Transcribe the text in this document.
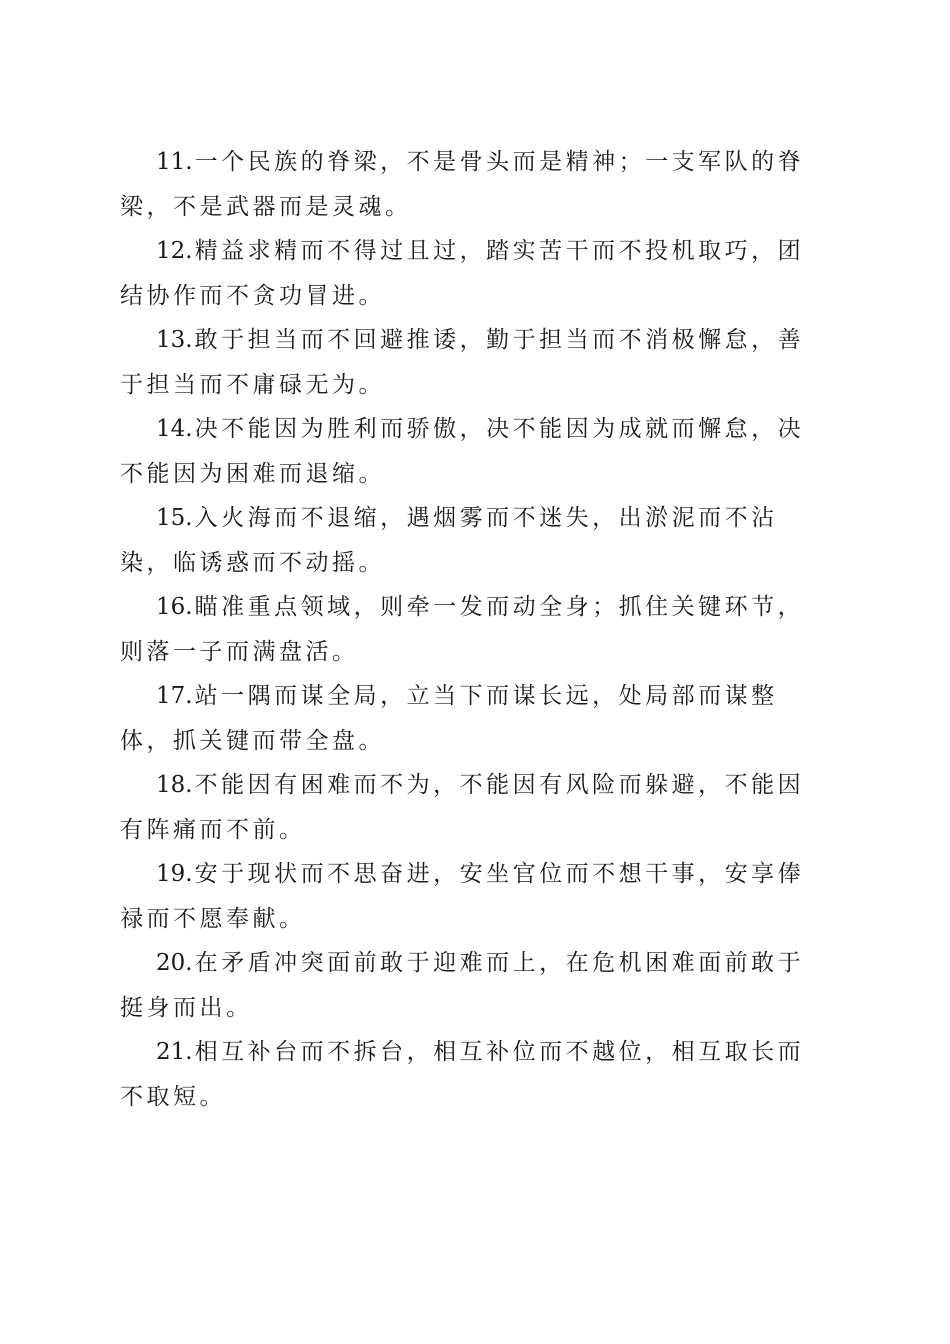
11.一个民族的脊梁，不是骨头而是精神；一支军队的脊梁，不是武器而是灵魂。

12.精益求精而不得过且过，踏实苦干而不投机取巧，团结协作而不贪功冒进。

13.敢于担当而不回避推诿，勤于担当而不消极懈怠，善于担当而不庸碌无为。

14.决不能因为胜利而骄傲，决不能因为成就而懈怠，决不能因为困难而退缩。

15.入火海而不退缩，遇烟雾而不迷失，出淤泥而不沾染，临诱惑而不动摇。

16.瞄准重点领域，则牵一发而动全身；抓住关键环节，则落一子而满盘活。

17.站一隅而谋全局，立当下而谋长远，处局部而谋整体，抓关键而带全盘。

18.不能因有困难而不为，不能因有风险而躲避，不能因有阵痛而不前。

19.安于现状而不思奋进，安坐官位而不想干事，安享俸禄而不愿奉献。

20.在矛盾冲突面前敢于迎难而上，在危机困难面前敢于挺身而出。

21.相互补台而不拆台，相互补位而不越位，相互取长而不取短。
